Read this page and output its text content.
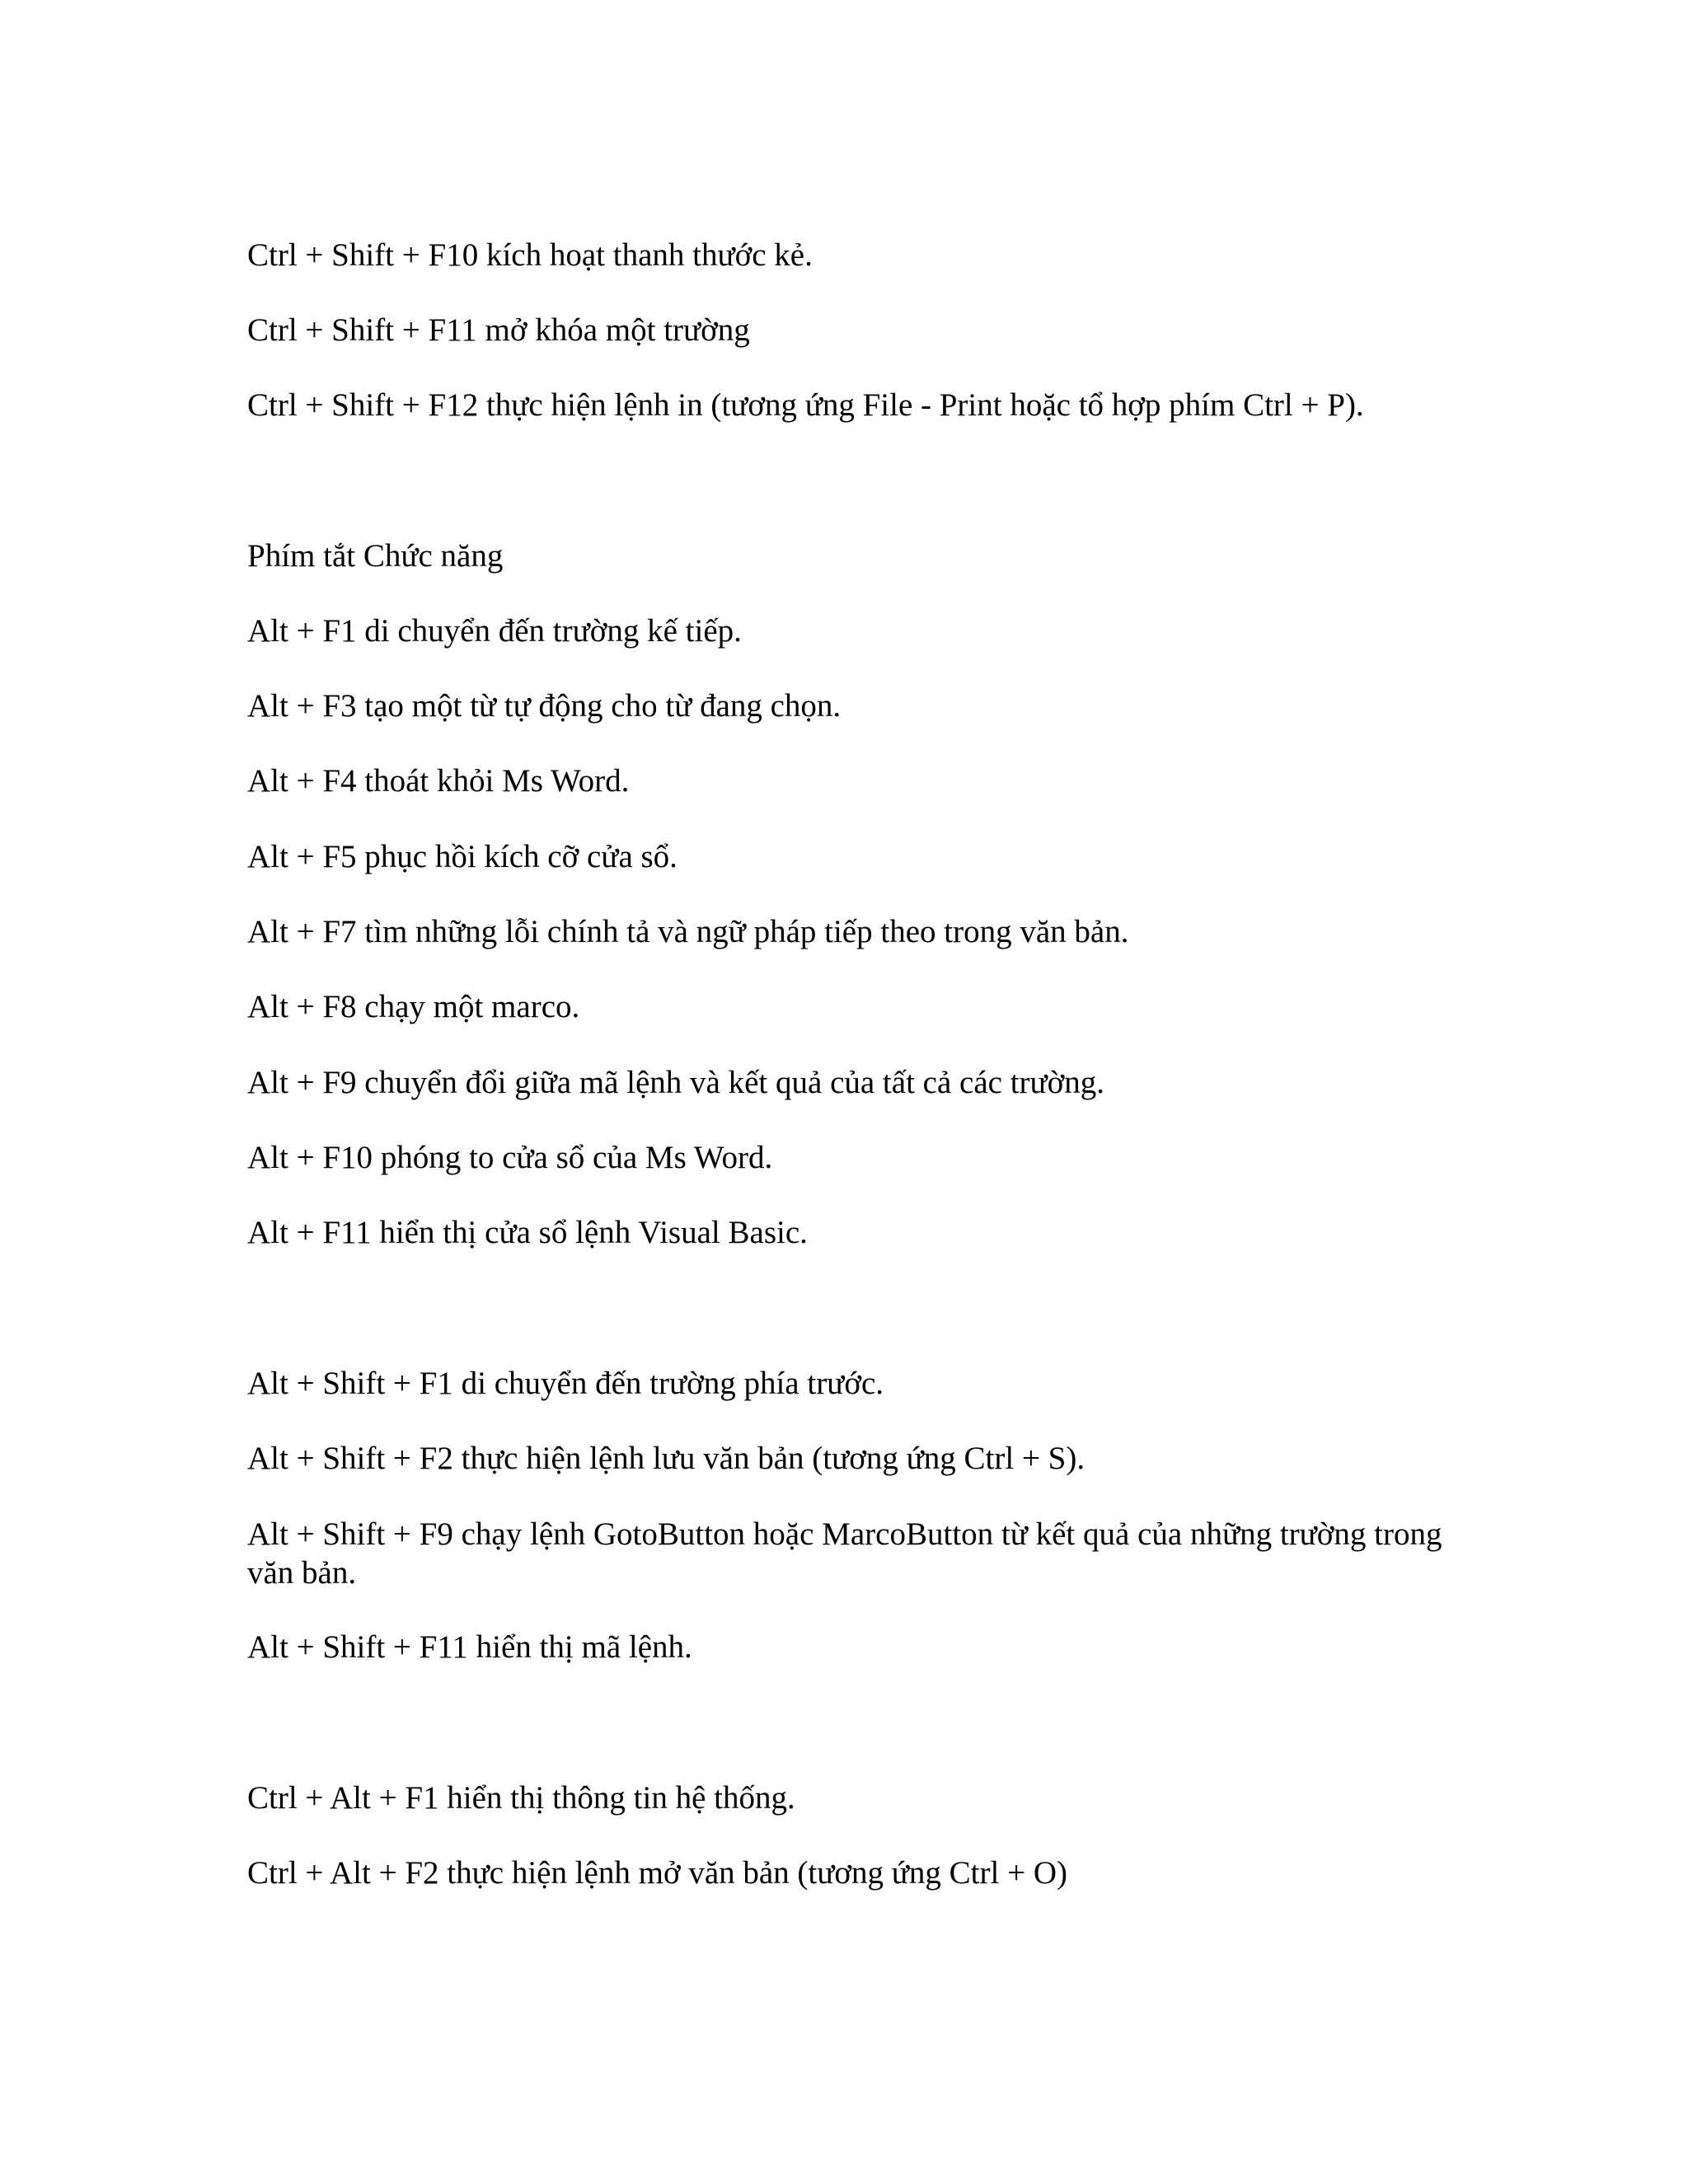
Ctrl + Shift + F10 kích hoạt thanh thước kẻ.
Ctrl + Shift + F11 mở khóa một trường
Ctrl + Shift + F12 thực hiện lệnh in (tương ứng File - Print hoặc tổ hợp phím Ctrl + P).
Phím tắt Chức năng
Alt + F1 di chuyển đến trường kế tiếp.
Alt + F3 tạo một từ tự động cho từ đang chọn.
Alt + F4 thoát khỏi Ms Word.
Alt + F5 phục hồi kích cỡ cửa sổ.
Alt + F7 tìm những lỗi chính tả và ngữ pháp tiếp theo trong văn bản.
Alt + F8 chạy một marco.
Alt + F9 chuyển đổi giữa mã lệnh và kết quả của tất cả các trường.
Alt + F10 phóng to cửa sổ của Ms Word.
Alt + F11 hiển thị cửa sổ lệnh Visual Basic.
Alt + Shift + F1 di chuyển đến trường phía trước.
Alt + Shift + F2 thực hiện lệnh lưu văn bản (tương ứng Ctrl + S).
Alt + Shift + F9 chạy lệnh GotoButton hoặc MarcoButton từ kết quả của những trường trong văn bản.
Alt + Shift + F11 hiển thị mã lệnh.
Ctrl + Alt + F1 hiển thị thông tin hệ thống.
Ctrl + Alt + F2 thực hiện lệnh mở văn bản (tương ứng Ctrl + O)
